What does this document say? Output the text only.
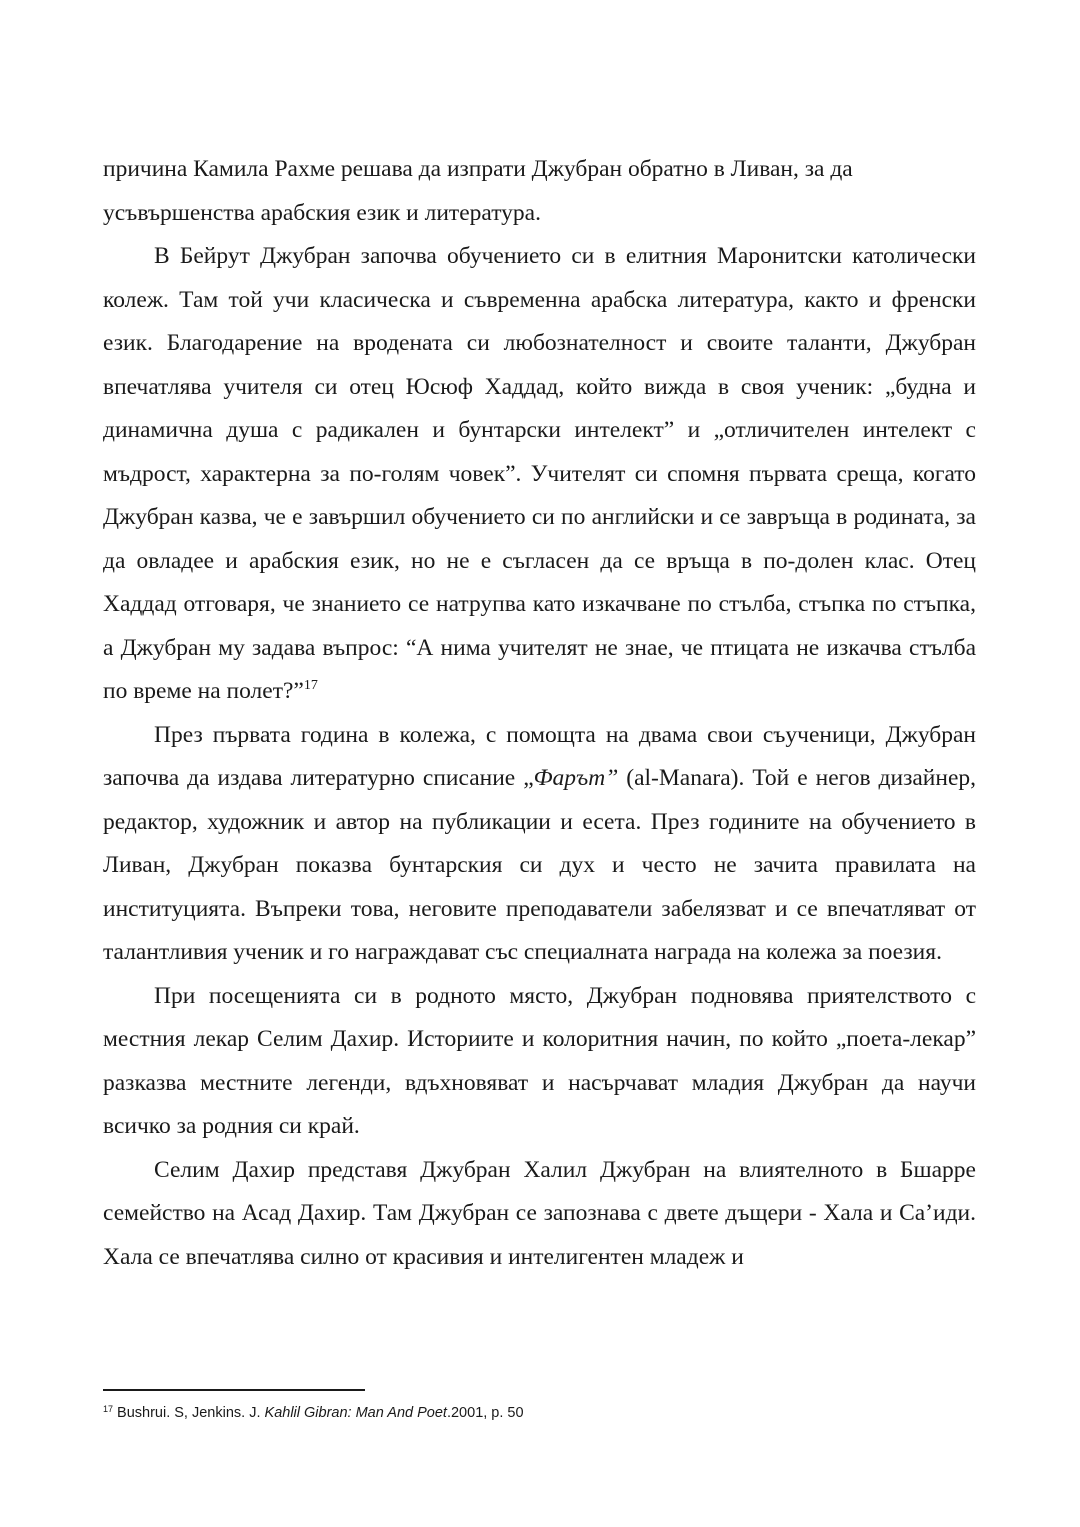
причина Камила Рахме решава да изпрати Джубран обратно в Ливан, за да
усъвършенства арабския език и литература.

В Бейрут Джубран започва обучението си в елитния Маронитски католически колеж. Там той учи класическа и съвременна арабска литература, както и френски език. Благодарение на вродената си любознателност и своите таланти, Джубран впечатлява учителя си отец Юсюф Хаддад, който вижда в своя ученик: „будна и динамична душа с радикален и бунтарски интелект” и „отличителен интелект с мъдрост, характерна за по-голям човек”. Учителят си спомня първата среща, когато Джубран казва, че е завършил обучението си по английски и се завръща в родината, за да овладее и арабския език, но не е съгласен да се връща в по-долен клас. Отец Хаддад отговаря, че знанието се натрупва като изкачване по стълба, стъпка по стъпка, а Джубран му задава въпрос: “А нима учителят не знае, че птицата не изкачва стълба по време на полет?”$^{17}$

През първата година в колежа, с помощта на двама свои съученици, Джубран започва да издава литературно списание „Фарът” (al-Manara). Той е негов дизайнер, редактор, художник и автор на публикации и есета. През годините на обучението в Ливан, Джубран показва бунтарския си дух и често не зачита правилата на институцията. Въпреки това, неговите преподаватели забелязват и се впечатляват от талантливия ученик и го награждават със специалната награда на колежа за поезия.

При посещенията си в родното място, Джубран подновява приятелството с местния лекар Селим Дахир. Историите и колоритния начин, по който „поета-лекар” разказва местните легенди, вдъхновяват и насърчават младия Джубран да научи всичко за родния си край.

Селим Дахир представя Джубран Халил Джубран на влиятелното в Бшарре семейство на Асад Дахир. Там Джубран се запознава с двете дъщери - Хала и Са’иди. Хала се впечатлява силно от красивия и интелигентен младеж и

$^{17}$ Bushrui. S, Jenkins. J. Kahlil Gibran: Man And Poet.2001, p. 50
